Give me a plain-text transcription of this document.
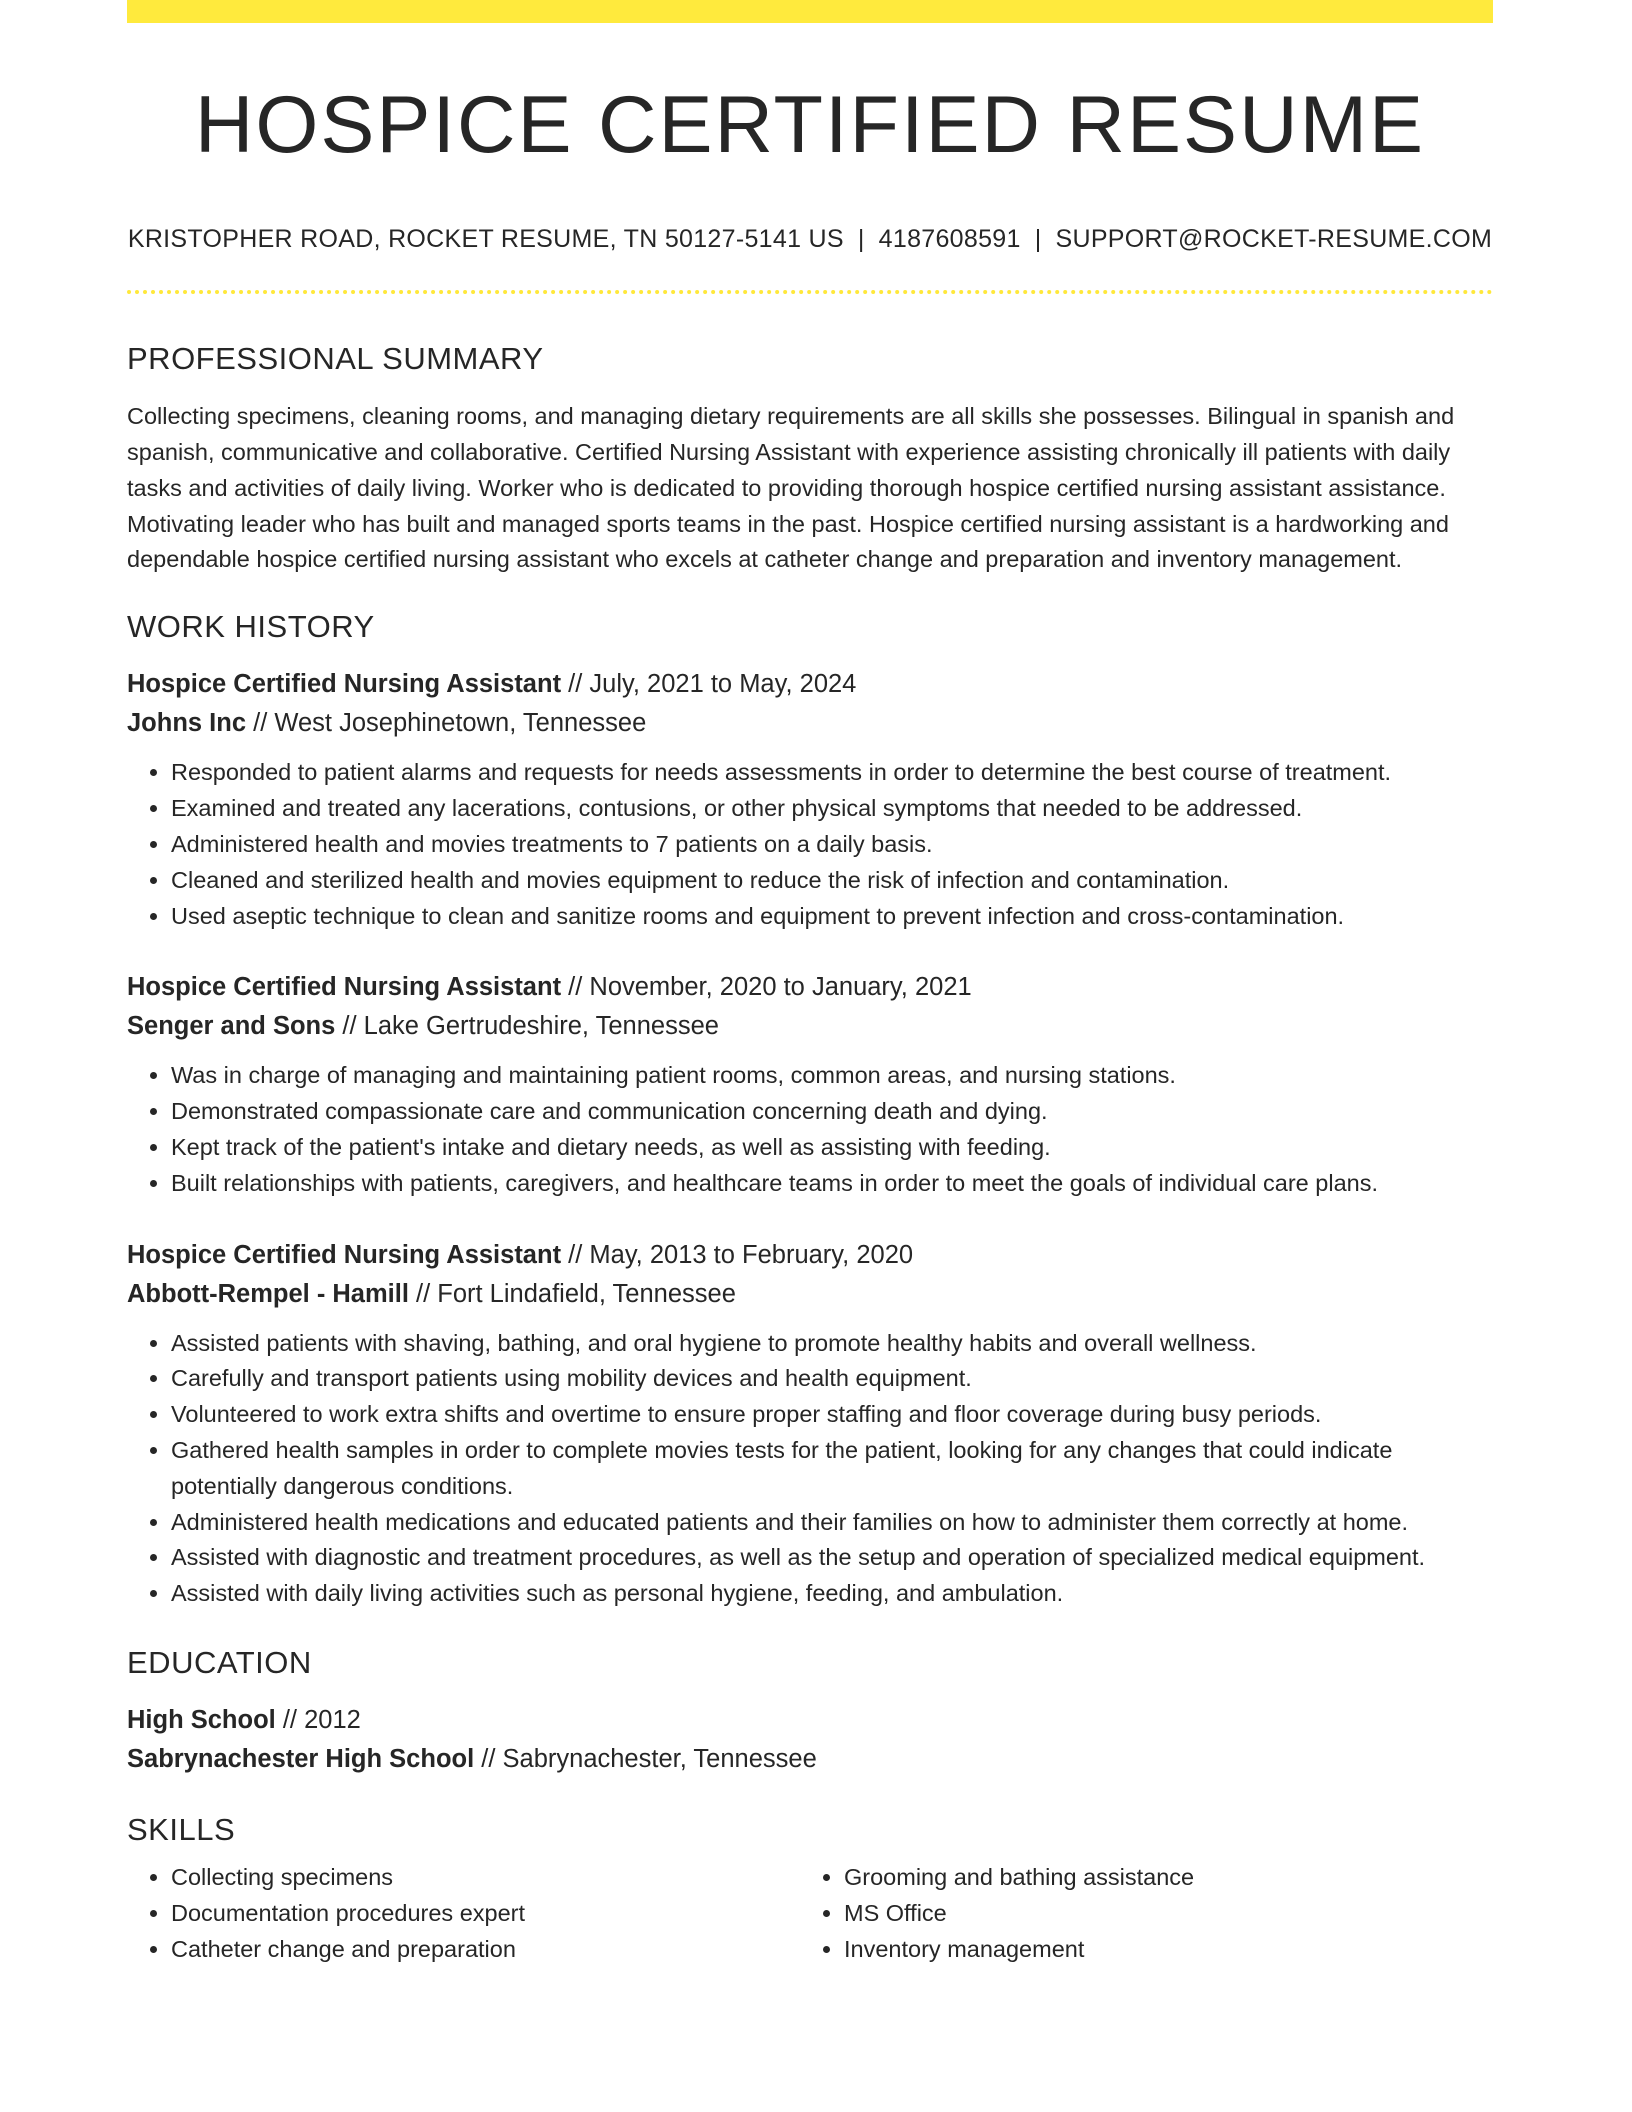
HOSPICE CERTIFIED RESUME
KRISTOPHER ROAD, ROCKET RESUME, TN 50127-5141 US | 4187608591 | SUPPORT@ROCKET-RESUME.COM
PROFESSIONAL SUMMARY

Collecting specimens, cleaning rooms, and managing dietary requirements are all skills she possesses. Bilingual in spanish and spanish, communicative and collaborative. Certified Nursing Assistant with experience assisting chronically ill patients with daily tasks and activities of daily living. Worker who is dedicated to providing thorough hospice certified nursing assistant assistance. Motivating leader who has built and managed sports teams in the past. Hospice certified nursing assistant is a hardworking and dependable hospice certified nursing assistant who excels at catheter change and preparation and inventory management.

WORK HISTORY
Hospice Certified Nursing Assistant // July, 2021 to May, 2024
Johns Inc // West Josephinetown, Tennessee
• Responded to patient alarms and requests for needs assessments in order to determine the best course of treatment.
• Examined and treated any lacerations, contusions, or other physical symptoms that needed to be addressed.
• Administered health and movies treatments to 7 patients on a daily basis.
• Cleaned and sterilized health and movies equipment to reduce the risk of infection and contamination.
• Used aseptic technique to clean and sanitize rooms and equipment to prevent infection and cross-contamination.
Hospice Certified Nursing Assistant // November, 2020 to January, 2021
Senger and Sons // Lake Gertrudeshire, Tennessee
• Was in charge of managing and maintaining patient rooms, common areas, and nursing stations.
• Demonstrated compassionate care and communication concerning death and dying.
• Kept track of the patient's intake and dietary needs, as well as assisting with feeding.
• Built relationships with patients, caregivers, and healthcare teams in order to meet the goals of individual care plans.
Hospice Certified Nursing Assistant // May, 2013 to February, 2020
Abbott-Rempel - Hamill // Fort Lindafield, Tennessee
• Assisted patients with shaving, bathing, and oral hygiene to promote healthy habits and overall wellness.
• Carefully and transport patients using mobility devices and health equipment.
• Volunteered to work extra shifts and overtime to ensure proper staffing and floor coverage during busy periods.
• Gathered health samples in order to complete movies tests for the patient, looking for any changes that could indicate potentially dangerous conditions.
• Administered health medications and educated patients and their families on how to administer them correctly at home.
• Assisted with diagnostic and treatment procedures, as well as the setup and operation of specialized medical equipment.
• Assisted with daily living activities such as personal hygiene, feeding, and ambulation.
EDUCATION
High School // 2012
Sabrynachester High School // Sabrynachester, Tennessee
SKILLS
• Collecting specimens
• Documentation procedures expert
• Catheter change and preparation
• Grooming and bathing assistance
• MS Office
• Inventory management
